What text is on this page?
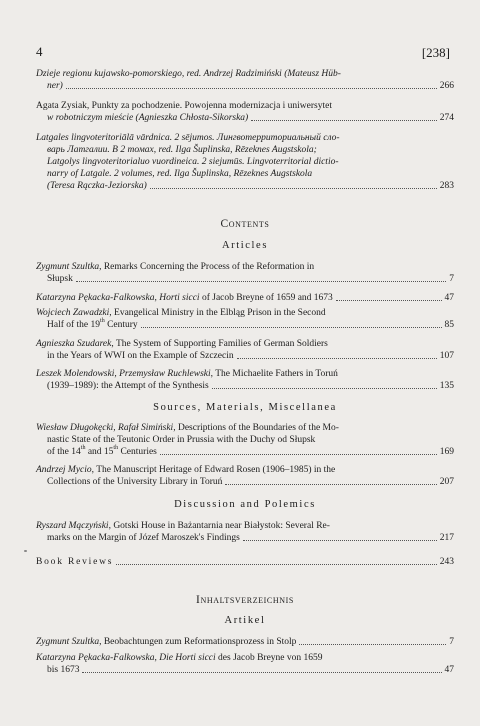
4	[238]
Dzieje regionu kujawsko-pomorskiego, red. Andrzej Radzimiński (Mateusz Hüb-
ner)	266
Agata Zysiak, Punkty za pochodzenie. Powojenna modernizacja i uniwersytet
w robotniczym mieście (Agnieszka Chłosta-Sikorska)	274
Latgales lingvoteritoriālā vārdnica. 2 sējumos. Лингвотерриториальный сло-
варь Латгалии. В 2 томах, red. Ilga Šuplinska, Rēzeknes Augstskola;
Latgolys lingvoteritorialuo vuordineica. 2 siejumūs. Lingvoterritorial dictio-
narry of Latgale. 2 volumes, red. Ilga Šuplinska, Rēzeknes Augstskola
(Teresa Rączka-Jeziorska)	283
Contents
Articles
Zygmunt Szultka, Remarks Concerning the Process of the Reformation in
Słupsk	7
Katarzyna Pękacka-Falkowska, Horti sicci of Jacob Breyne of 1659 and 1673	47
Wojciech Zawadzki, Evangelical Ministry in the Elbląg Prison in the Second
Half of the 19th Century	85
Agnieszka Szudarek, The System of Supporting Families of German Soldiers
in the Years of WWI on the Example of Szczecin	107
Leszek Molendowski, Przemysław Ruchlewski, The Michaelite Fathers in Toruń
(1939–1989): the Attempt of the Synthesis	135
Sources, Materials, Miscellanea
Wiesław Długokęcki, Rafał Simiński, Descriptions of the Boundaries of the Mo-
nastic State of the Teutonic Order in Prussia with the Duchy od Słupsk
of the 14th and 15th Centuries	169
Andrzej Mycio, The Manuscript Heritage of Edward Rosen (1906–1985) in the
Collections of the University Library in Toruń	207
Discussion and Polemics
Ryszard Mączyński, Gotski House in Bażantarnia near Białystok: Several Re-
marks on the Margin of Józef Maroszek's Findings	217
Book Reviews	243
Inhaltsverzeichnis
Artikel
Zygmunt Szultka, Beobachtungen zum Reformationsprozess in Stolp	7
Katarzyna Pękacka-Falkowska, Die Horti sicci des Jacob Breyne von 1659
bis 1673	47
